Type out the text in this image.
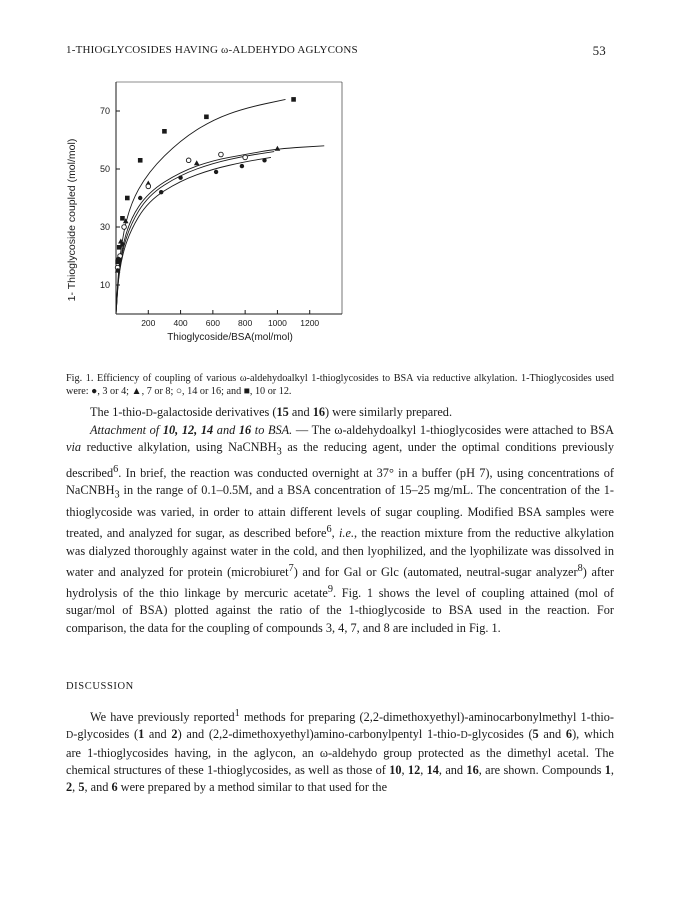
1-THIOGLYCOSIDES HAVING ω-ALDEHYDO AGLYCONS	53
200 400 600 800 1000 1200
10
30
50
70
1- Thioglycoside coupled (mol/mol)
Thioglycoside/BSA(mol/mol)
Fig. 1. Efficiency of coupling of various ω-aldehydoalkyl 1-thioglycosides to BSA via reductive alkylation. 1-Thioglycosides used were: ●, 3 or 4; ▲, 7 or 8; ○, 14 or 16; and ■, 10 or 12.
The 1-thio-D-galactoside derivatives (15 and 16) were similarly prepared.
Attachment of 10, 12, 14 and 16 to BSA. — The ω-aldehydoalkyl 1-thioglycosides were attached to BSA via reductive alkylation, using NaCNBH$_3$ as the reducing agent, under the optimal conditions previously described$^6$. In brief, the reaction was conducted overnight at 37° in a buffer (pH 7), using concentrations of NaCNBH$_3$ in the range of 0.1–0.5M, and a BSA concentration of 15–25 mg/mL. The concentration of the 1-thioglycoside was varied, in order to attain different levels of sugar coupling. Modified BSA samples were treated, and analyzed for sugar, as described before$^6$, i.e., the reaction mixture from the reductive alkylation was dialyzed thoroughly against water in the cold, and then lyophilized, and the lyophilizate was dissolved in water and analyzed for protein (microbiuret$^7$) and for Gal or Glc (automated, neutral-sugar analyzer$^8$) after hydrolysis of the thio linkage by mercuric acetate$^9$. Fig. 1 shows the level of coupling attained (mol of sugar/mol of BSA) plotted against the ratio of the 1-thioglycoside to BSA used in the reaction. For comparison, the data for the coupling of compounds 3, 4, 7, and 8 are included in Fig. 1.
DISCUSSION
We have previously reported$^1$ methods for preparing (2,2-dimethoxyethyl)-aminocarbonylmethyl 1-thio-D-glycosides (1 and 2) and (2,2-dimethoxyethyl)amino-carbonylpentyl 1-thio-D-glycosides (5 and 6), which are 1-thioglycosides having, in the aglycon, an ω-aldehydo group protected as the dimethyl acetal. The chemical structures of these 1-thioglycosides, as well as those of 10, 12, 14, and 16, are shown. Compounds 1, 2, 5, and 6 were prepared by a method similar to that used for the
